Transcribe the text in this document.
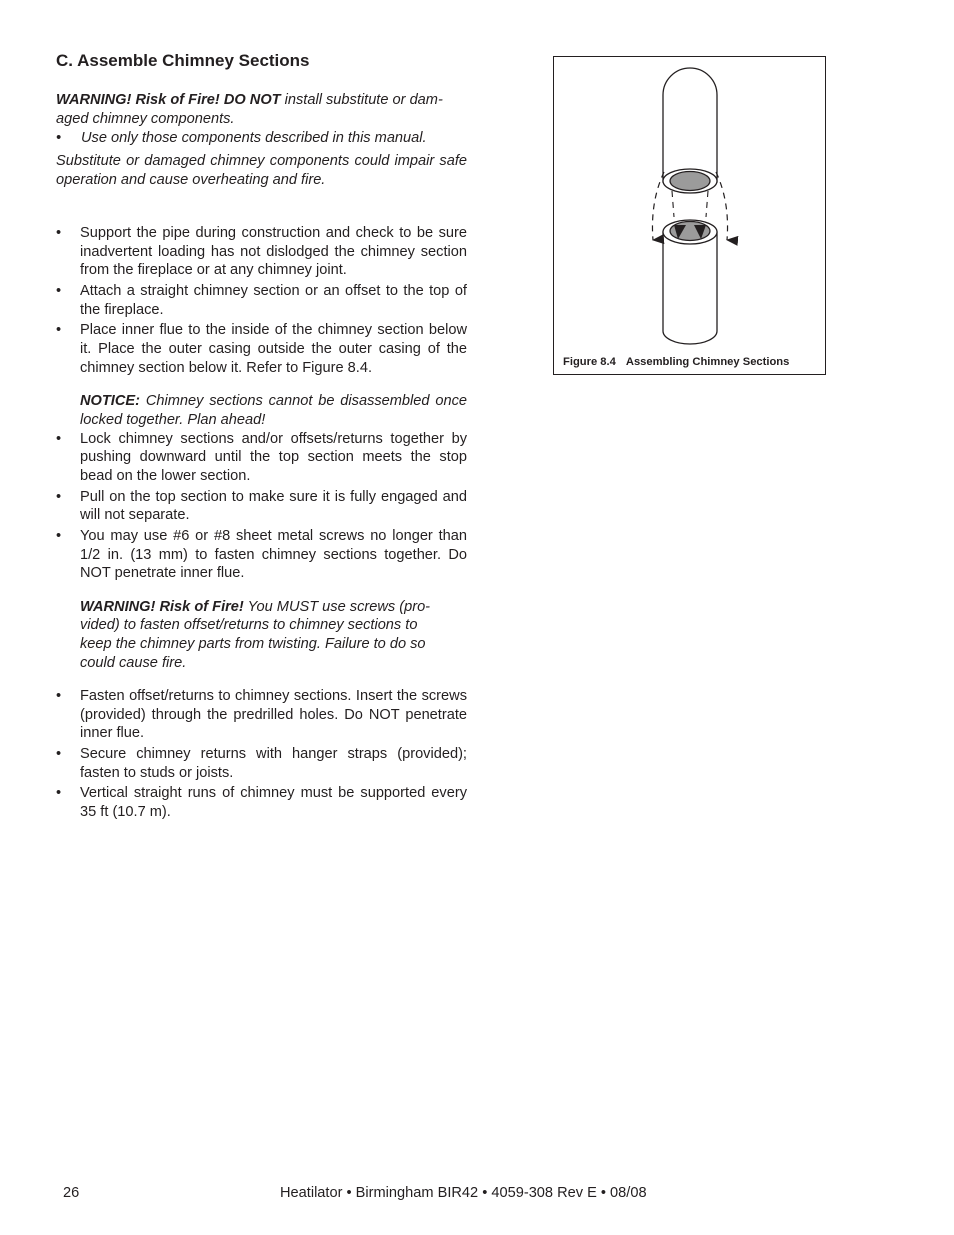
C. Assemble Chimney Sections

WARNING! Risk of Fire! DO NOT install substitute or dam-

aged chimney components.

•	Use only those components described in this manual.

Substitute or damaged chimney components could impair safe operation and cause overheating and fire.

• Support the pipe during construction and check to be sure inadvertent loading has not dislodged the chimney section from the fireplace or at any chimney joint.
• Attach a straight chimney section or an offset to the top of the fireplace.
• Place inner flue to the inside of the chimney section below it. Place the outer casing outside the outer casing of the chimney section below it. Refer to Figure 8.4.

NOTICE: Chimney sections cannot be disassembled once locked together. Plan ahead!

• Lock chimney sections and/or offsets/returns together by pushing downward until the top section meets the stop bead on the lower section.
• Pull on the top section to make sure it is fully engaged and will not separate.
• You may use #6 or #8 sheet metal screws no longer than 1/2 in. (13 mm) to fasten chimney sections together. Do NOT penetrate inner flue.
WARNING! Risk of Fire! You MUST use screws (pro-
vided) to fasten offset/returns to chimney sections to
keep the chimney parts from twisting. Failure to do so
could cause fire.
• Fasten offset/returns to chimney sections. Insert the screws (provided) through the predrilled holes. Do NOT penetrate inner flue.
• Secure chimney returns with hanger straps (provided); fasten to studs or joists.
• Vertical straight runs of chimney must be supported every 35 ft (10.7 m).
Figure 8.4 Assembling Chimney Sections
26	Heatilator • Birmingham BIR42 • 4059-308 Rev E • 08/08
